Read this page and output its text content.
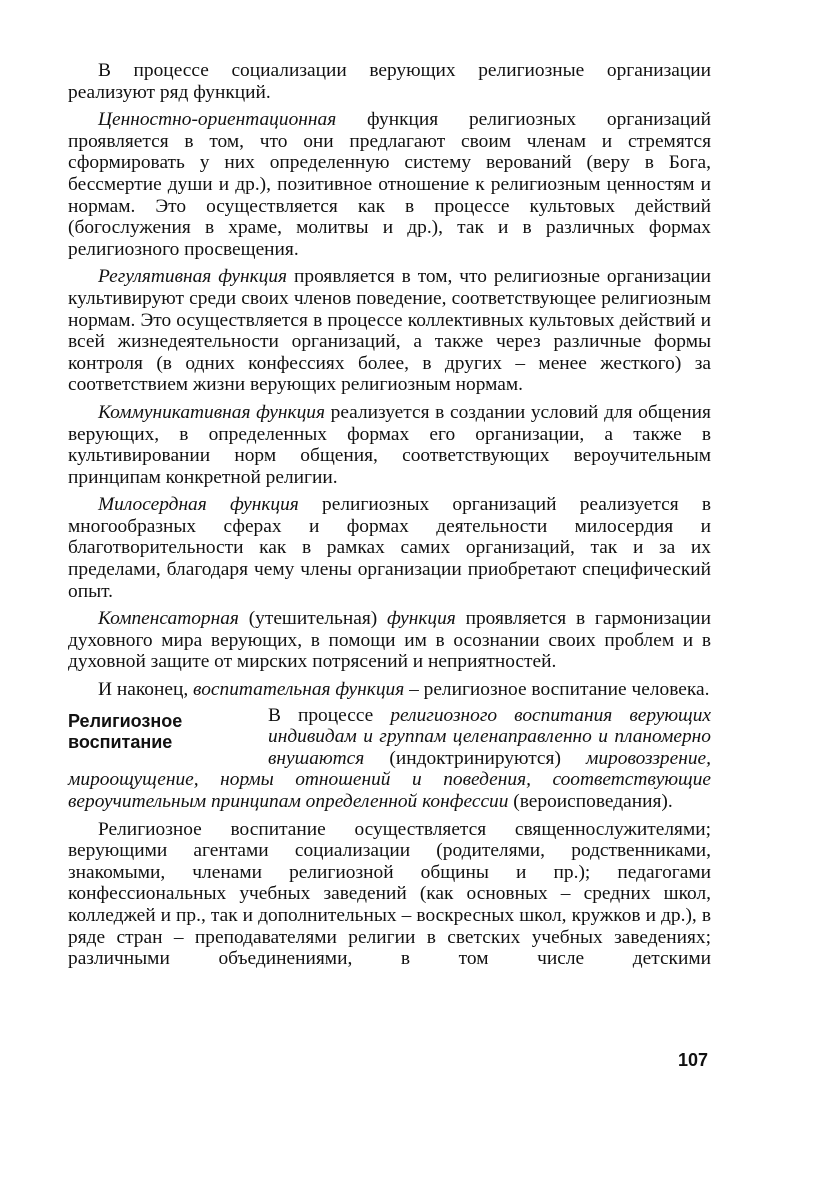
В процессе социализации верующих религиозные организации реализуют ряд функций.

Ценностно-ориентационная функция религиозных организаций проявляется в том, что они предлагают своим членам и стремятся сформировать у них определенную систему верований (веру в Бога, бессмертие души и др.), позитивное отношение к религиозным ценностям и нормам. Это осуществляется как в процессе культовых действий (богослужения в храме, молитвы и др.), так и в различных формах религиозного просвещения.

Регулятивная функция проявляется в том, что религиозные организации культивируют среди своих членов поведение, соответствующее религиозным нормам. Это осуществляется в процессе коллективных культовых действий и всей жизнедеятельности организаций, а также через различные формы контроля (в одних конфессиях более, в других – менее жесткого) за соответствием жизни верующих религиозным нормам.

Коммуникативная функция реализуется в создании условий для общения верующих, в определенных формах его организации, а также в культивировании норм общения, соответствующих вероучительным принципам конкретной религии.

Милосердная функция религиозных организаций реализуется в многообразных сферах и формах деятельности милосердия и благотворительности как в рамках самих организаций, так и за их пределами, благодаря чему члены организации приобретают специфический опыт.

Компенсаторная (утешительная) функция проявляется в гармонизации духовного мира верующих, в помощи им в осознании своих проблем и в духовной защите от мирских потрясений и неприятностей.

И наконец, воспитательная функция – религиозное воспитание человека.

Религиозное воспитание

В процессе религиозного воспитания верующих индивидам и группам целенаправленно и планомерно внушаются (индоктринируются) мировоззрение, мироощущение, нормы отношений и поведения, соответствующие вероучительным принципам определенной конфессии (вероисповедания).

Религиозное воспитание осуществляется священнослужителями; верующими агентами социализации (родителями, родственниками, знакомыми, членами религиозной общины и пр.); педагогами конфессиональных учебных заведений (как основных – средних школ, колледжей и пр., так и дополнительных – воскресных школ, кружков и др.), в ряде стран – преподавателями религии в светских учебных заведениях; различными объединениями, в том числе детскими

107
